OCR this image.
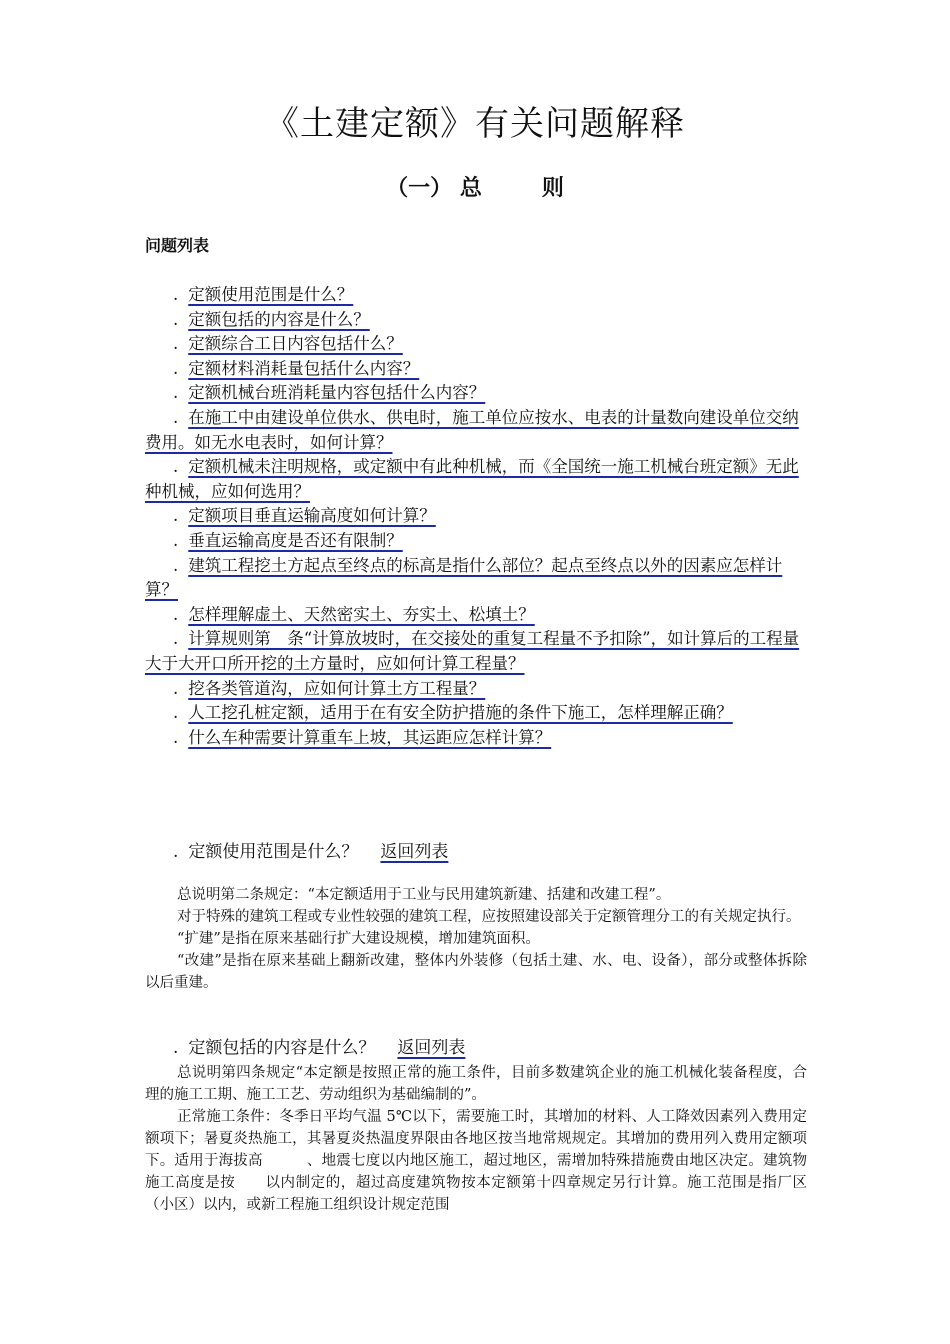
《土建定额》有关问题解释
（一） 总	则
问题列表

. 定额使用范围是什么？

. 定额包括的内容是什么？

. 定额综合工日内容包括什么？

. 定额材料消耗量包括什么内容？

. 定额机械台班消耗量内容包括什么内容？

. 在施工中由建设单位供水、供电时，施工单位应按水、电表的计量数向建设单位交纳费用。如无水电表时，如何计算？

. 定额机械未注明规格，或定额中有此种机械，而《全国统一施工机械台班定额》无此种机械，应如何选用？

. 定额项目垂直运输高度如何计算？

. 垂直运输高度是否还有限制？

. 建筑工程挖土方起点至终点的标高是指什么部位？起点至终点以外的因素应怎样计算？

. 怎样理解虚土、天然密实土、夯实土、松填土？

. 计算规则第　条“计算放坡时，在交接处的重复工程量不予扣除”，如计算后的工程量大于大开口所开挖的土方量时，应如何计算工程量？

. 挖各类管道沟，应如何计算土方工程量？

. 人工挖孔桩定额，适用于在有安全防护措施的条件下施工，怎样理解正确？

. 什么车种需要计算重车上坡，其运距应怎样计算？

. 定额使用范围是什么？ 返回列表

总说明第二条规定：“本定额适用于工业与民用建筑新建、括建和改建工程”。

对于特殊的建筑工程或专业性较强的建筑工程，应按照建设部关于定额管理分工的有关规定执行。

“扩建”是指在原来基础行扩大建设规模，增加建筑面积。

“改建”是指在原来基础上翻新改建，整体内外装修（包括土建、水、电、设备），部分或整体拆除以后重建。

. 定额包括的内容是什么？ 返回列表

总说明第四条规定“本定额是按照正常的施工条件，目前多数建筑企业的施工机械化装备程度，合理的施工工期、施工工艺、劳动组织为基础编制的”。

正常施工条件：冬季日平均气温 5℃以下，需要施工时，其增加的材料、人工降效因素列入费用定额项下；暑夏炎热施工，其暑夏炎热温度界限由各地区按当地常规规定。其增加的费用列入费用定额项下。适用于海拔高　　　、地震七度以内地区施工，超过地区，需增加特殊措施费由地区决定。建筑物施工高度是按　　以内制定的，超过高度建筑物按本定额第十四章规定另行计算。施工范围是指厂区（小区）以内，或新工程施工组织设计规定范围
